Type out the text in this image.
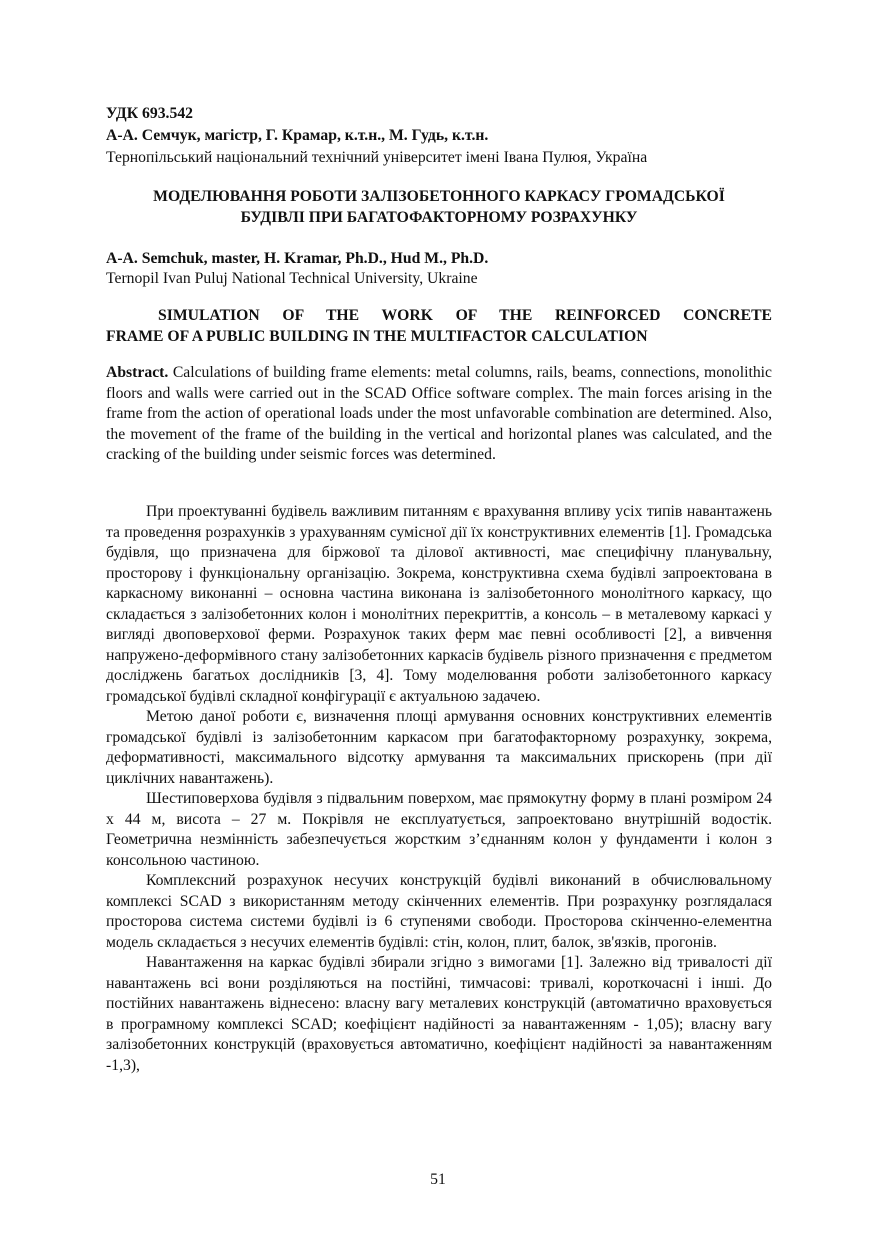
УДК 693.542
А-А. Семчук, магістр, Г. Крамар, к.т.н., М. Гудь, к.т.н.
Тернопільський національний технічний університет імені Івана Пулюя, Україна
МОДЕЛЮВАННЯ РОБОТИ ЗАЛІЗОБЕТОННОГО КАРКАСУ ГРОМАДСЬКОЇ
БУДІВЛІ ПРИ БАГАТОФАКТОРНОМУ РОЗРАХУНКУ
A-A. Semchuk, master, H. Kramar, Ph.D., Hud M., Ph.D.
Ternopil Ivan Puluj National Technical University, Ukraine
SIMULATION OF THE WORK OF THE REINFORCED CONCRETE
FRAME OF A PUBLIC BUILDING IN THE MULTIFACTOR CALCULATION
Abstract. Calculations of building frame elements: metal columns, rails, beams, connections, monolithic floors and walls were carried out in the SCAD Office software complex. The main forces arising in the frame from the action of operational loads under the most unfavorable combination are determined. Also, the movement of the frame of the building in the vertical and horizontal planes was calculated, and the cracking of the building under seismic forces was determined.

При проектуванні будівель важливим питанням є врахування впливу усіх типів навантажень та проведення розрахунків з урахуванням сумісної дії їх конструктивних елементів [1]. Громадська будівля, що призначена для біржової та ділової активності, має специфічну планувальну, просторову і функціональну організацію. Зокрема, конструктивна схема будівлі запроектована в каркасному виконанні – основна частина виконана із залізобетонного монолітного каркасу, що складається з залізобетонних колон і монолітних перекриттів, а консоль – в металевому каркасі у вигляді двоповерхової ферми. Розрахунок таких ферм має певні особливості [2], а вивчення напружено-деформівного стану залізобетонних каркасів будівель різного призначення є предметом досліджень багатьох дослідників [3, 4]. Тому моделювання роботи залізобетонного каркасу громадської будівлі складної конфігурації є актуальною задачею.

Метою даної роботи є, визначення площі армування основних конструктивних елементів громадської будівлі із залізобетонним каркасом при багатофакторному розрахунку, зокрема, деформативності, максимального відсотку армування та максимальних прискорень (при дії циклічних навантажень).

Шестиповерхова будівля з підвальним поверхом, має прямокутну форму в плані розміром 24 х 44 м, висота – 27 м. Покрівля не експлуатується, запроектовано внутрішній водостік. Геометрична незмінність забезпечується жорстким з’єднанням колон у фундаменти і колон з консольною частиною.

Комплексний розрахунок несучих конструкцій будівлі виконаний в обчислювальному комплексі SCAD з використанням методу скінченних елементів. При розрахунку розглядалася просторова система системи будівлі із 6 ступенями свободи. Просторова скінченно-елементна модель складається з несучих елементів будівлі: стін, колон, плит, балок, зв'язків, прогонів.

Навантаження на каркас будівлі збирали згідно з вимогами [1]. Залежно від тривалості дії навантажень всі вони розділяються на постійні, тимчасові: тривалі, короткочасні і інші. До постійних навантажень віднесено: власну вагу металевих конструкцій (автоматично враховується в програмному комплексі SCAD; коефіцієнт надійності за навантаженням - 1,05); власну вагу залізобетонних конструкцій (враховується автоматично, коефіцієнт надійності за навантаженням -1,3),

51
